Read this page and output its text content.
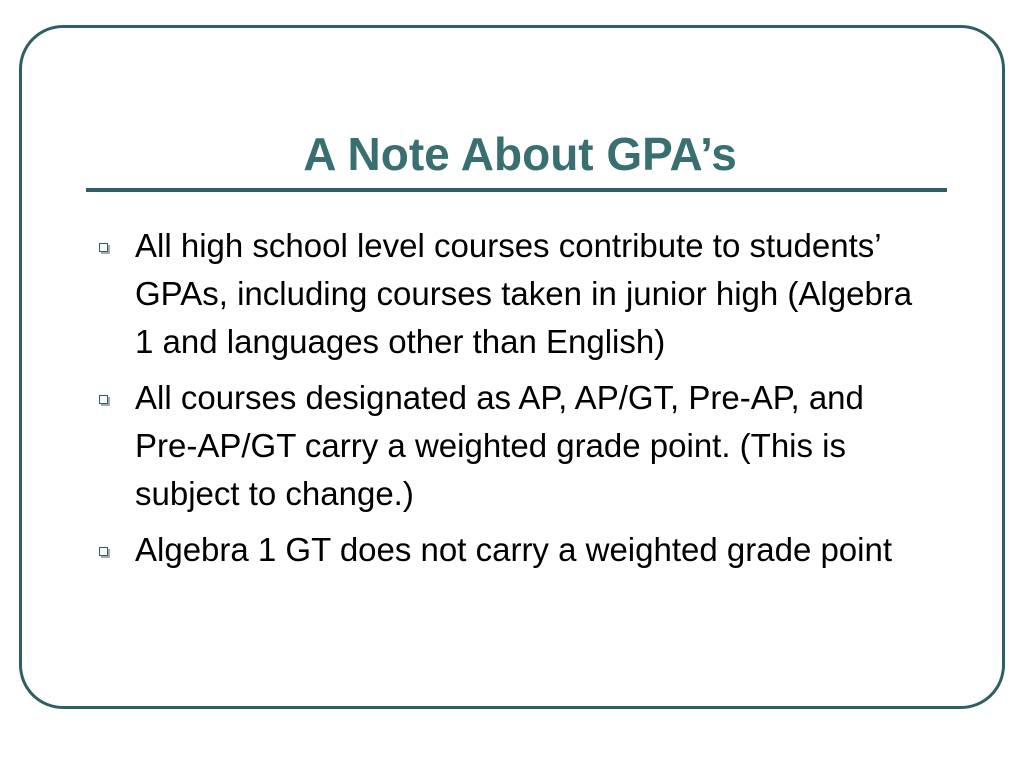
A Note About GPA’s
All high school level courses contribute to students’ GPAs, including courses taken in junior high (Algebra 1 and languages other than English)
All courses designated as AP, AP/GT, Pre-AP, and Pre-AP/GT carry a weighted grade point. (This is subject to change.)
Algebra 1 GT does not carry a weighted grade point
